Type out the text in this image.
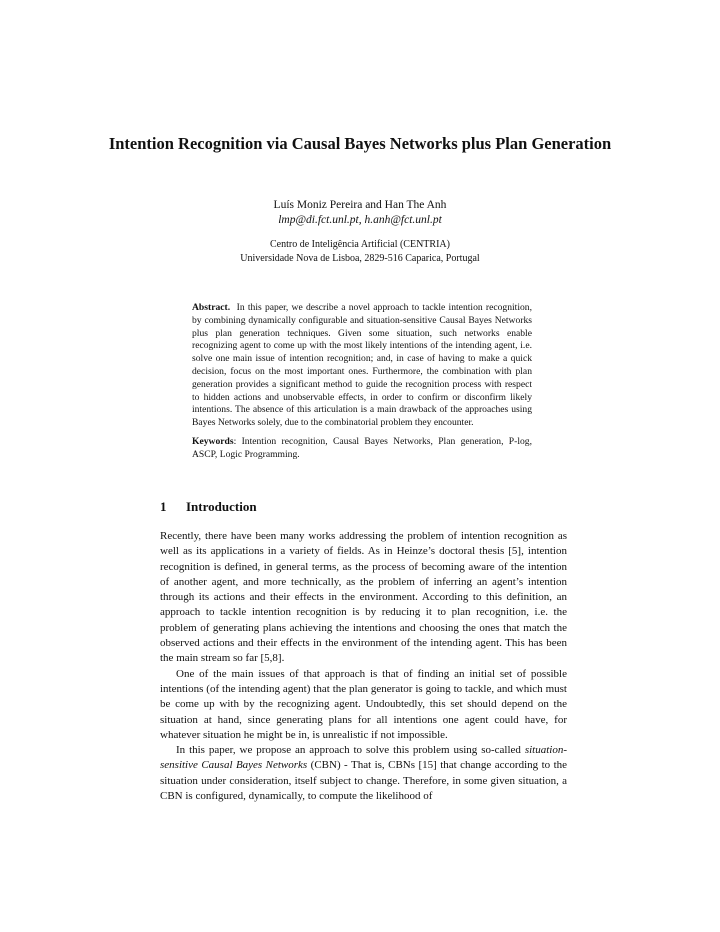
Intention Recognition via Causal Bayes Networks plus Plan Generation
Luís Moniz Pereira and Han The Anh
lmp@di.fct.unl.pt, h.anh@fct.unl.pt
Centro de Inteligência Artificial (CENTRIA)
Universidade Nova de Lisboa, 2829-516 Caparica, Portugal

Abstract. In this paper, we describe a novel approach to tackle intention recognition, by combining dynamically configurable and situation-sensitive Causal Bayes Networks plus plan generation techniques. Given some situation, such networks enable recognizing agent to come up with the most likely intentions of the intending agent, i.e. solve one main issue of intention recognition; and, in case of having to make a quick decision, focus on the most important ones. Furthermore, the combination with plan generation provides a significant method to guide the recognition process with respect to hidden actions and unobservable effects, in order to confirm or disconfirm likely intentions. The absence of this articulation is a main drawback of the approaches using Bayes Networks solely, due to the combinatorial problem they encounter.

Keywords: Intention recognition, Causal Bayes Networks, Plan generation, P-log, ASCP, Logic Programming.

1 Introduction

Recently, there have been many works addressing the problem of intention recognition as well as its applications in a variety of fields. As in Heinze’s doctoral thesis [5], intention recognition is defined, in general terms, as the process of becoming aware of the intention of another agent, and more technically, as the problem of inferring an agent’s intention through its actions and their effects in the environment. According to this definition, an approach to tackle intention recognition is by reducing it to plan recognition, i.e. the problem of generating plans achieving the intentions and choosing the ones that match the observed actions and their effects in the environment of the intending agent. This has been the main stream so far [5,8].

One of the main issues of that approach is that of finding an initial set of possible intentions (of the intending agent) that the plan generator is going to tackle, and which must be come up with by the recognizing agent. Undoubtedly, this set should depend on the situation at hand, since generating plans for all intentions one agent could have, for whatever situation he might be in, is unrealistic if not impossible.

In this paper, we propose an approach to solve this problem using so-called situation-sensitive Causal Bayes Networks (CBN) - That is, CBNs [15] that change according to the situation under consideration, itself subject to change. Therefore, in some given situation, a CBN is configured, dynamically, to compute the likelihood of
